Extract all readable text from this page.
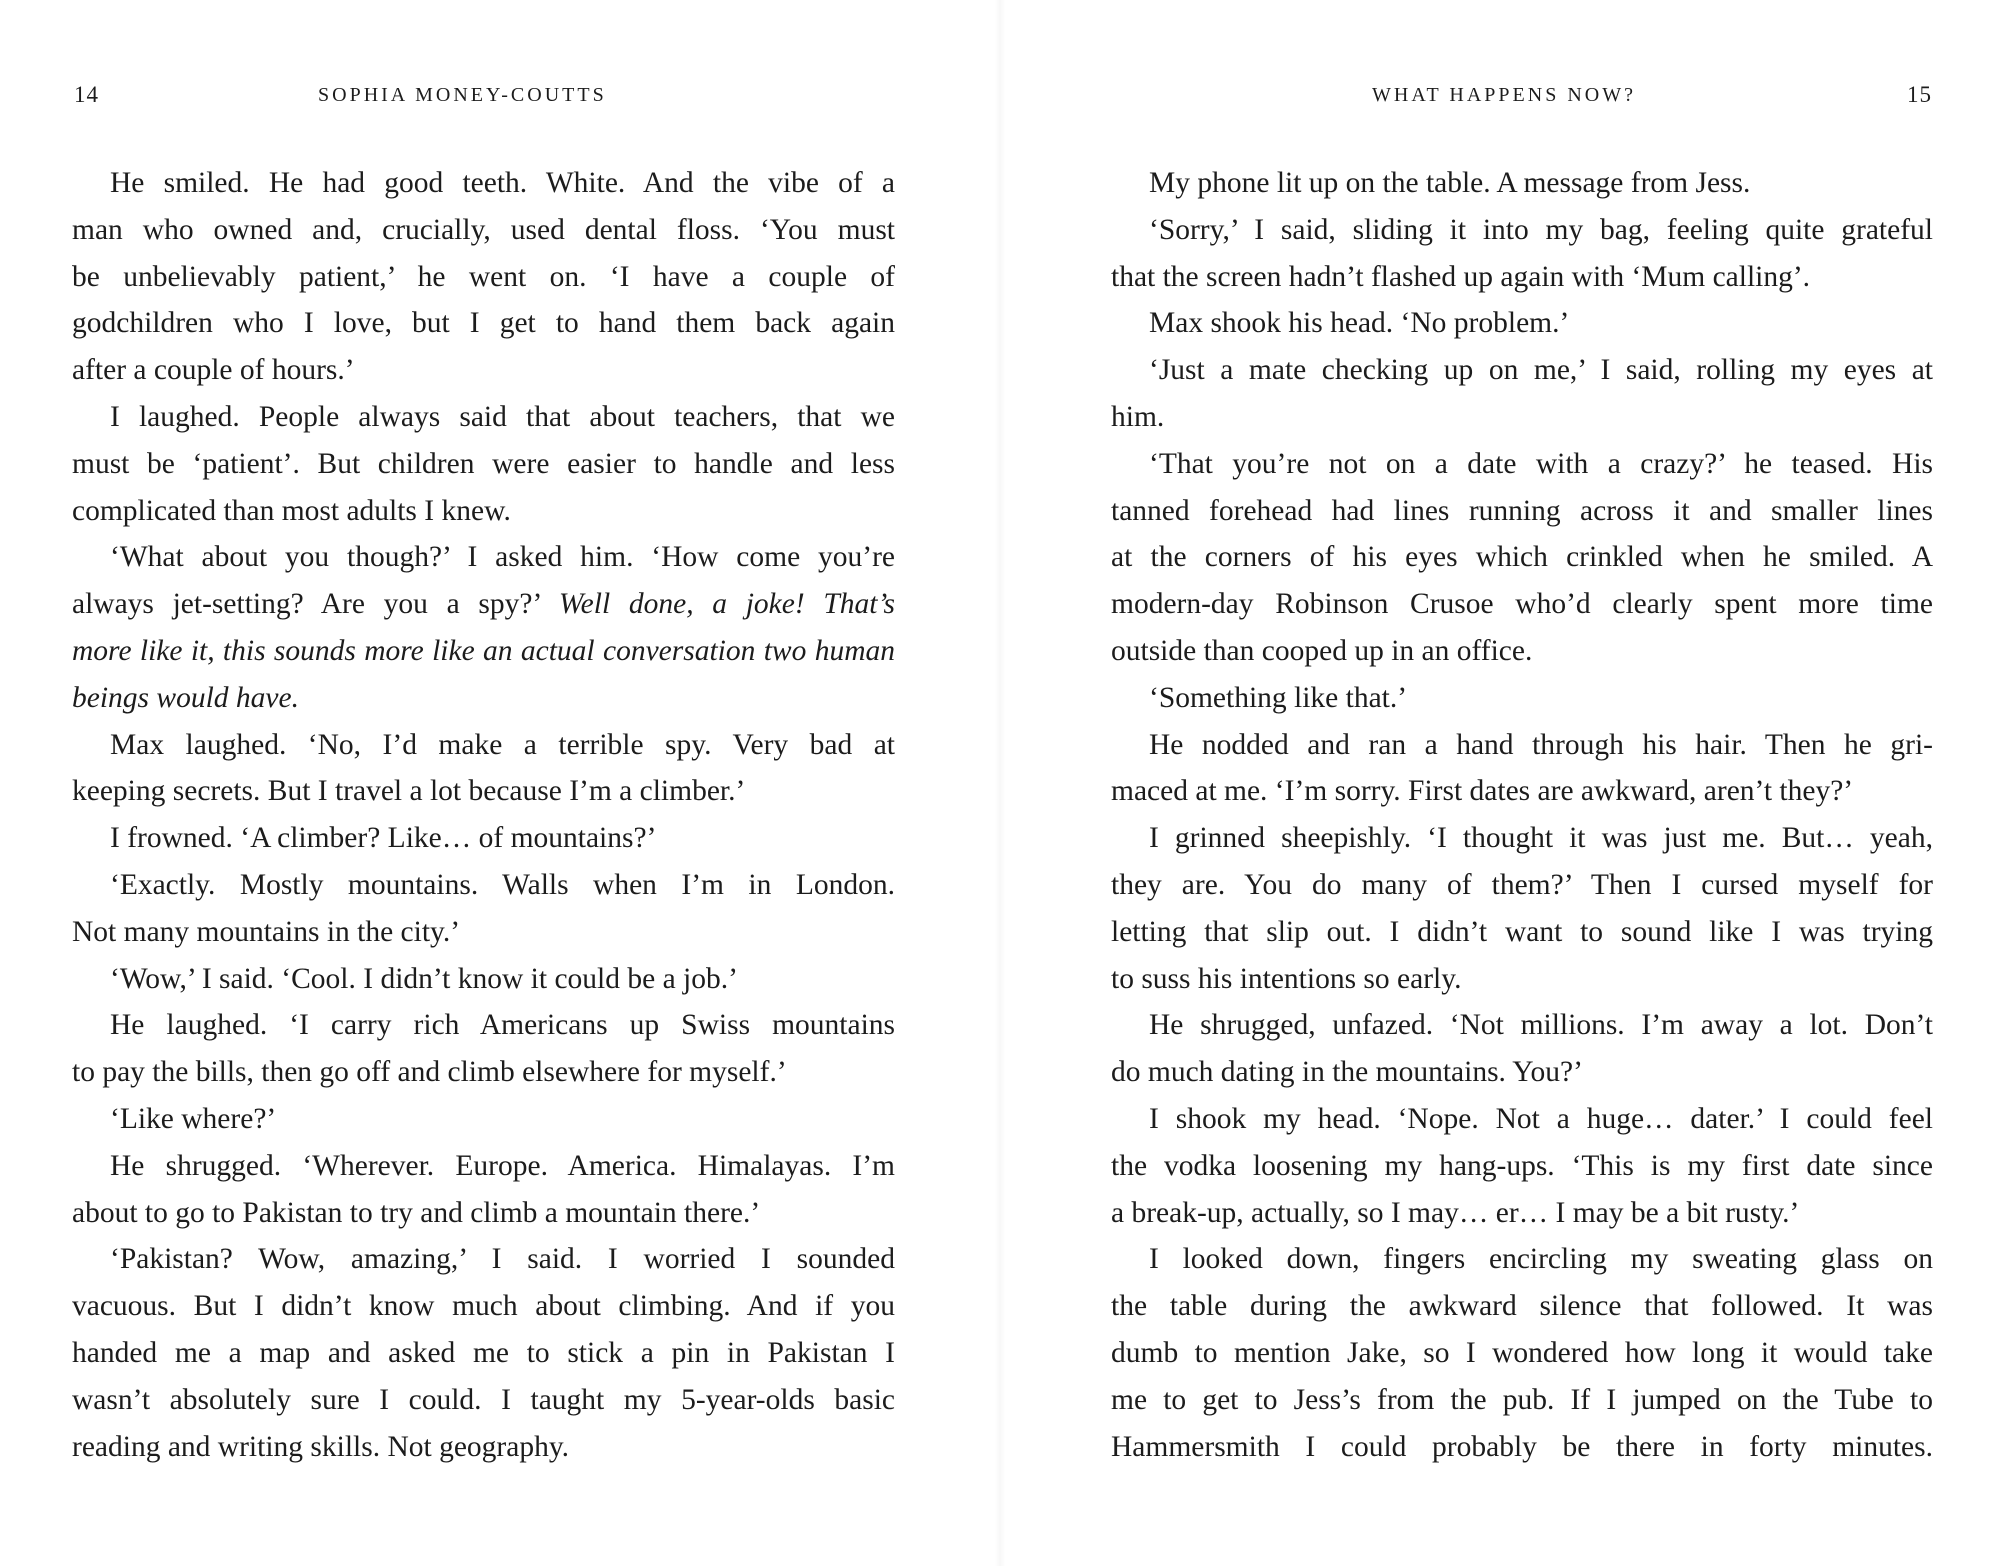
14	SOPHIA MONEY-COUTTS
He smiled. He had good teeth. White. And the vibe of a
man who owned and, crucially, used dental floss. ‘You must
be unbelievably patient,’ he went on. ‘I have a couple of
godchildren who I love, but I get to hand them back again
after a couple of hours.’
I laughed. People always said that about teachers, that we
must be ‘patient’. But children were easier to handle and less
complicated than most adults I knew.
‘What about you though?’ I asked him. ‘How come you’re
always jet-setting? Are you a spy?’ Well done, a joke! That’s
more like it, this sounds more like an actual conversation two human
beings would have.
Max laughed. ‘No, I’d make a terrible spy. Very bad at
keeping secrets. But I travel a lot because I’m a climber.’
I frowned. ‘A climber? Like… of mountains?’
‘Exactly. Mostly mountains. Walls when I’m in London.
Not many mountains in the city.’
‘Wow,’ I said. ‘Cool. I didn’t know it could be a job.’
He laughed. ‘I carry rich Americans up Swiss mountains
to pay the bills, then go off and climb elsewhere for myself.’
‘Like where?’
He shrugged. ‘Wherever. Europe. America. Himalayas. I’m
about to go to Pakistan to try and climb a mountain there.’
‘Pakistan? Wow, amazing,’ I said. I worried I sounded
vacuous. But I didn’t know much about climbing. And if you
handed me a map and asked me to stick a pin in Pakistan I
wasn’t absolutely sure I could. I taught my 5-year-olds basic
reading and writing skills. Not geography.
WHAT HAPPENS NOW?	15
My phone lit up on the table. A message from Jess.
‘Sorry,’ I said, sliding it into my bag, feeling quite grateful
that the screen hadn’t flashed up again with ‘Mum calling’.
Max shook his head. ‘No problem.’
‘Just a mate checking up on me,’ I said, rolling my eyes at
him.
‘That you’re not on a date with a crazy?’ he teased. His
tanned forehead had lines running across it and smaller lines
at the corners of his eyes which crinkled when he smiled. A
modern-day Robinson Crusoe who’d clearly spent more time
outside than cooped up in an office.
‘Something like that.’
He nodded and ran a hand through his hair. Then he gri-
maced at me. ‘I’m sorry. First dates are awkward, aren’t they?’
I grinned sheepishly. ‘I thought it was just me. But… yeah,
they are. You do many of them?’ Then I cursed myself for
letting that slip out. I didn’t want to sound like I was trying
to suss his intentions so early.
He shrugged, unfazed. ‘Not millions. I’m away a lot. Don’t
do much dating in the mountains. You?’
I shook my head. ‘Nope. Not a huge… dater.’ I could feel
the vodka loosening my hang-ups. ‘This is my first date since
a break-up, actually, so I may… er… I may be a bit rusty.’
I looked down, fingers encircling my sweating glass on
the table during the awkward silence that followed. It was
dumb to mention Jake, so I wondered how long it would take
me to get to Jess’s from the pub. If I jumped on the Tube to
Hammersmith I could probably be there in forty minutes.
